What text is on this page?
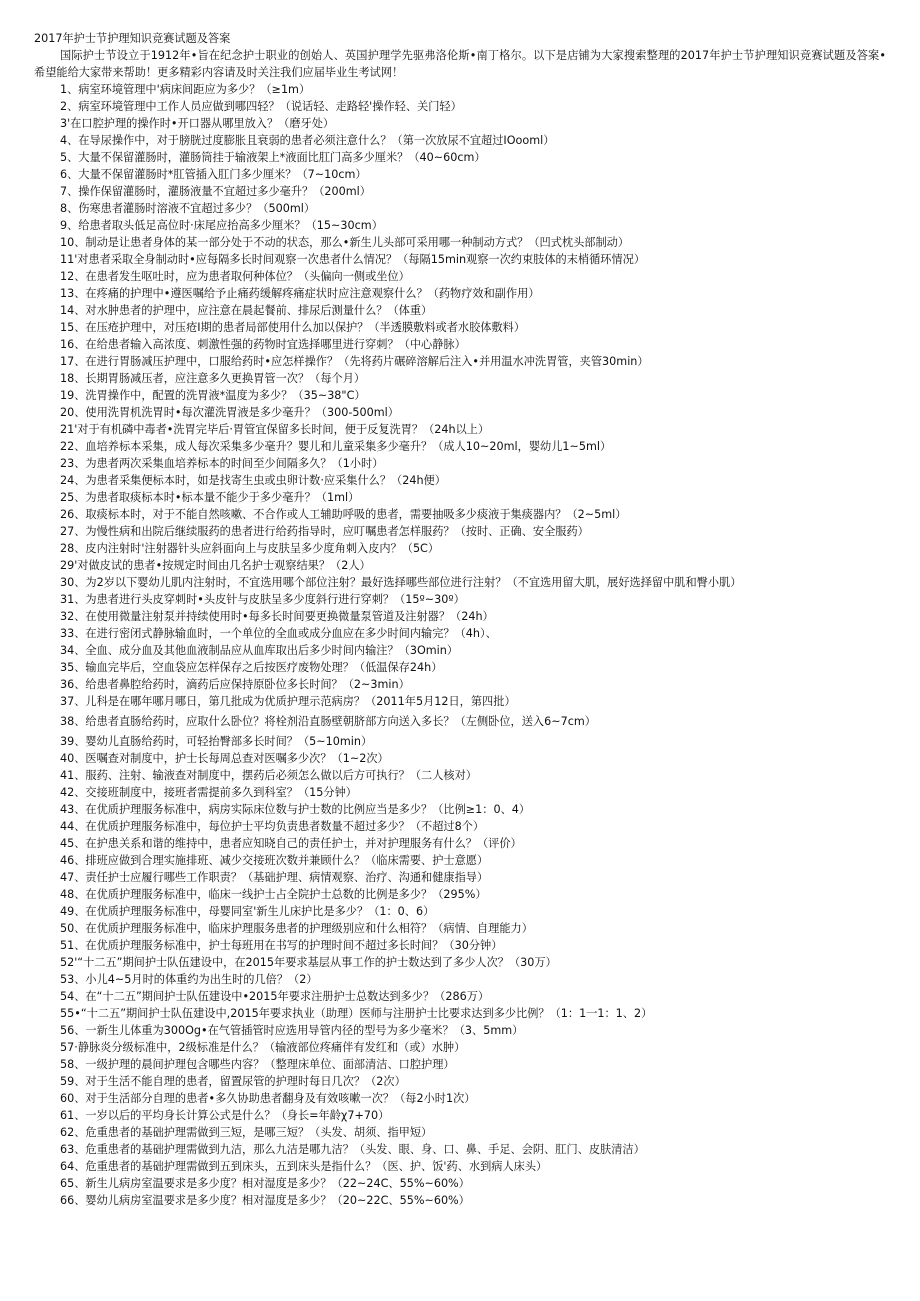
2017年护士节护理知识竞赛试题及答案

国际护士节设立于1912年•旨在纪念护士职业的创始人、英国护理学先驱弗洛伦斯•南丁格尔。以下是店铺为大家搜索整理的2017年护士节护理知识竞赛试题及答案•希望能给大家带来帮助！更多精彩内容请及时关注我们应届毕业生考试网！

1、病室环境管理中'病床间距应为多少？（≥1m）
2、病室环境管理中工作人员应做到哪四轻？（说话轻、走路轻'操作轻、关门轻）
3'在口腔护理的操作时•开口器从哪里放入？（磨牙处）
4、在导尿操作中，对于膀胱过度膨胀且衰弱的患者必须注意什么？（第一次放尿不宜超过IOooml）
5、大量不保留灌肠时，灌肠筒挂于输液架上*液面比肛门高多少厘米？（40~60cm）
6、大量不保留灌肠时*肛管插入肛门多少厘米？（7~10cm）
7、操作保留灌肠时，灌肠液量不宜超过多少毫升？（200ml）
8、伤寒患者灌肠时溶液不宜超过多少？（500ml）
9、给患者取头低足高位时·床尾应抬高多少厘米？（15~30cm）
10、制动是让患者身体的某一部分处于不动的状态，那么•新生儿头部可采用哪一种制动方式？（凹式枕头部制动）
11'对患者采取全身制动时•应每隔多长时间观察一次患者什么情况？（每隔15min观察一次约束肢体的末梢循环情况）
12、在患者发生呕吐时，应为患者取何种体位？（头偏向一侧或坐位）
13、在疼痛的护理中•遵医嘱给予止痛药缓解疼痛症状时应注意观察什么？（药物疗效和副作用）
14、对水肿患者的护理中，应注意在晨起餐前、排尿后测量什么？（体重）
15、在压疮护理中，对压疮I期的患者局部使用什么加以保护？（半透膜敷料或者水胶体敷料）
16、在给患者输入高浓度、刺激性强的药物时宜选择哪里进行穿刺？（中心静脉）
17、在进行胃肠减压护理中，口服给药时•应怎样操作？（先将药片碾碎溶解后注入•并用温水冲洗胃管，夹管30min）
18、长期胃肠减压者，应注意多久更换胃管一次？（每个月）
19、洗胃操作中，配置的洗胃液*温度为多少？（35~38"C）
20、使用洗胃机洗胃时•每次灌洗胃液是多少毫升？（300-500ml）
21'对于有机磷中毒者•洗胃完毕后·胃管宜保留多长时间，便于反复洗胃？（24h以上）
22、血培养标本采集，成人每次采集多少毫升？婴儿和儿童采集多少毫升？（成人10~20ml，婴幼儿1~5ml）
23、为患者两次采集血培养标本的时间至少间隔多久？（1小时）
24、为患者采集便标本时，如是找寄生虫或虫卵计数·应采集什么？（24h便）
25、为患者取痰标本时•标本量不能少于多少毫升？（1ml）
26、取痰标本时，对于不能自然咳嗽、不合作或人工辅助呼吸的患者，需要抽吸多少痰液于集痰器内？（2~5ml）
27、为慢性病和出院后继续服药的患者进行给药指导时，应叮嘱患者怎样服药？（按时、正确、安全服药）
28、皮内注射时'注射器针头应斜面向上与皮肤呈多少度角刺入皮内？（5C）
29'对做皮试的患者•按规定时间由几名护士观察结果？（2人）
30、为2岁以下婴幼儿肌内注射时，不宜选用哪个部位注射？最好选择哪些部位进行注射？（不宜选用留大肌，展好选择留中肌和臀小肌）
31、为患者进行头皮穿刺时•头皮针与皮肤呈多少度斜行进行穿刺？（15º~30º）
32、在使用微量注射泵并持续使用时•每多长时间要更换微量泵管道及注射器？（24h）
33、在进行密闭式静脉输血时，一个单位的全血或成分血应在多少时间内输完？（4h）、
34、全血、成分血及其他血液制品应从血库取出后多少时间内输注？（3Omin）
35、输血完毕后，空血袋应怎样保存之后按医疗废物处理？（低温保存24h）
36、给患者鼻腔给药时，滴药后应保持原卧位多长时间？（2~3min）
37、儿科是在哪年哪月哪日，第几批成为优质护理示范病房？（2011年5月12日，第四批）
38、给患者直肠给药时，应取什么卧位？将栓剂沿直肠壁朝脐部方向送入多长？（左侧卧位，送入6~7cm）
39、婴幼儿直肠给药时，可轻抬臀部多长时间？（5~10min）
40、医嘱查对制度中，护士长每周总查对医嘱多少次？（1~2次）
41、服药、注射、输液查对制度中，摆药后必须怎么做以后方可执行？（二人核对）
42、交接班制度中，接班者需提前多久到科室？（15分钟）
43、在优质护理服务标准中，病房实际床位数与护士数的比例应当是多少？（比例≥1：0、4）
44、在优质护理服务标准中，每位护士平均负责患者数量不超过多少？（不超过8个）
45、在护患关系和谐的维持中，患者应知晓自己的责任护士，并对护理服务有什么？（评价）
46、排班应做到合理实施排班、减少交接班次数并兼顾什么？（临床需要、护士意愿）
47、责任护士应履行哪些工作职责？（基础护理、病情观察、治疗、沟通和健康指导）
48、在优质护理服务标准中，临床一线护士占全院护士总数的比例是多少？（295%）
49、在优质护理服务标准中，母婴同室'新生儿床护比是多少？（1：0、6）
50、在优质护理服务标准中，临床护理服务患者的护理级别应和什么相符？（病情、自理能力）
51、在优质护理服务标准中，护士每班用在书写的护理时间不超过多长时间？（30分钟）
52'“十二五”期间护士队伍建设中，在2015年要求基层从事工作的护士数达到了多少人次？（30万）
53、小儿4~5月时的体重约为出生时的几倍？（2）
54、在“十二五”期间护士队伍建设中•2015年要求注册护士总数达到多少？（286万）
55•“十二五”期间护士队伍建设中,2015年要求执业（助理）医师与注册护士比要求达到多少比例？（1：1一1：1、2）
56、一新生儿体重为300Og•在气管插管时应选用导管内径的型号为多少毫米？（3、5mm）
57·静脉炎分级标准中，2级标准是什么？（输液部位疼痛伴有发红和（或）水肿）
58、一级护理的晨间护理包含哪些内容？（整理床单位、面部清洁、口腔护理）
59、对于生活不能自理的患者，留置尿管的护理时每日几次？（2次）
60、对于生活部分自理的患者•多久协助患者翻身及有效咳嗽一次？（每2小时1次）
61、一岁以后的平均身长计算公式是什么？（身长=年龄χ7+70）
62、危重患者的基础护理需做到三短，是哪三短？（头发、胡须、指甲短）
63、危重患者的基础护理需做到九洁，那么九洁是哪九洁？（头发、眼、身、口、鼻、手足、会阴、肛门、皮肤清洁）
64、危重患者的基础护理需做到五到床头，五到床头是指什么？（医、护、饭'药、水到病人床头）
65、新生儿病房室温要求是多少度？相对湿度是多少？（22~24C、55%~60%）
66、婴幼儿病房室温要求是多少度？相对湿度是多少？（20~22C、55%~60%）
